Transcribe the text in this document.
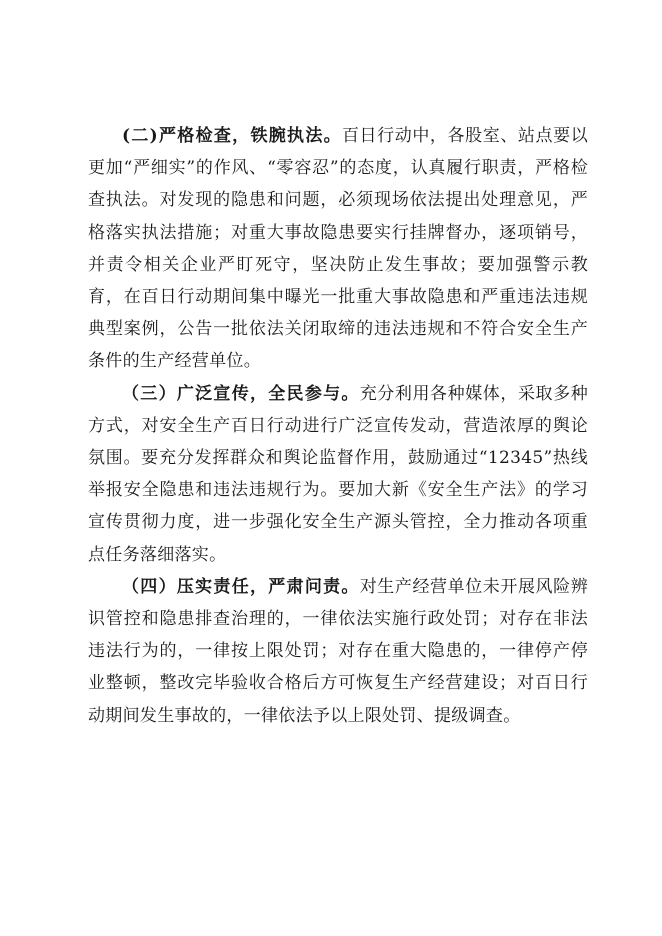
(二)严格检查，铁腕执法。百日行动中，各股室、站点要以更加“严细实”的作风、“零容忍”的态度，认真履行职责，严格检查执法。对发现的隐患和问题，必须现场依法提出处理意见，严格落实执法措施；对重大事故隐患要实行挂牌督办，逐项销号，并责令相关企业严盯死守，坚决防止发生事故；要加强警示教育，在百日行动期间集中曝光一批重大事故隐患和严重违法违规典型案例，公告一批依法关闭取缔的违法违规和不符合安全生产条件的生产经营单位。

（三）广泛宣传，全民参与。充分利用各种媒体，采取多种方式，对安全生产百日行动进行广泛宣传发动，营造浓厚的舆论氛围。要充分发挥群众和舆论监督作用，鼓励通过“12345”热线举报安全隐患和违法违规行为。要加大新《安全生产法》的学习宣传贯彻力度，进一步强化安全生产源头管控，全力推动各项重点任务落细落实。

（四）压实责任，严肃问责。对生产经营单位未开展风险辨识管控和隐患排查治理的，一律依法实施行政处罚；对存在非法违法行为的，一律按上限处罚；对存在重大隐患的，一律停产停业整顿，整改完毕验收合格后方可恢复生产经营建设；对百日行动期间发生事故的，一律依法予以上限处罚、提级调查。
